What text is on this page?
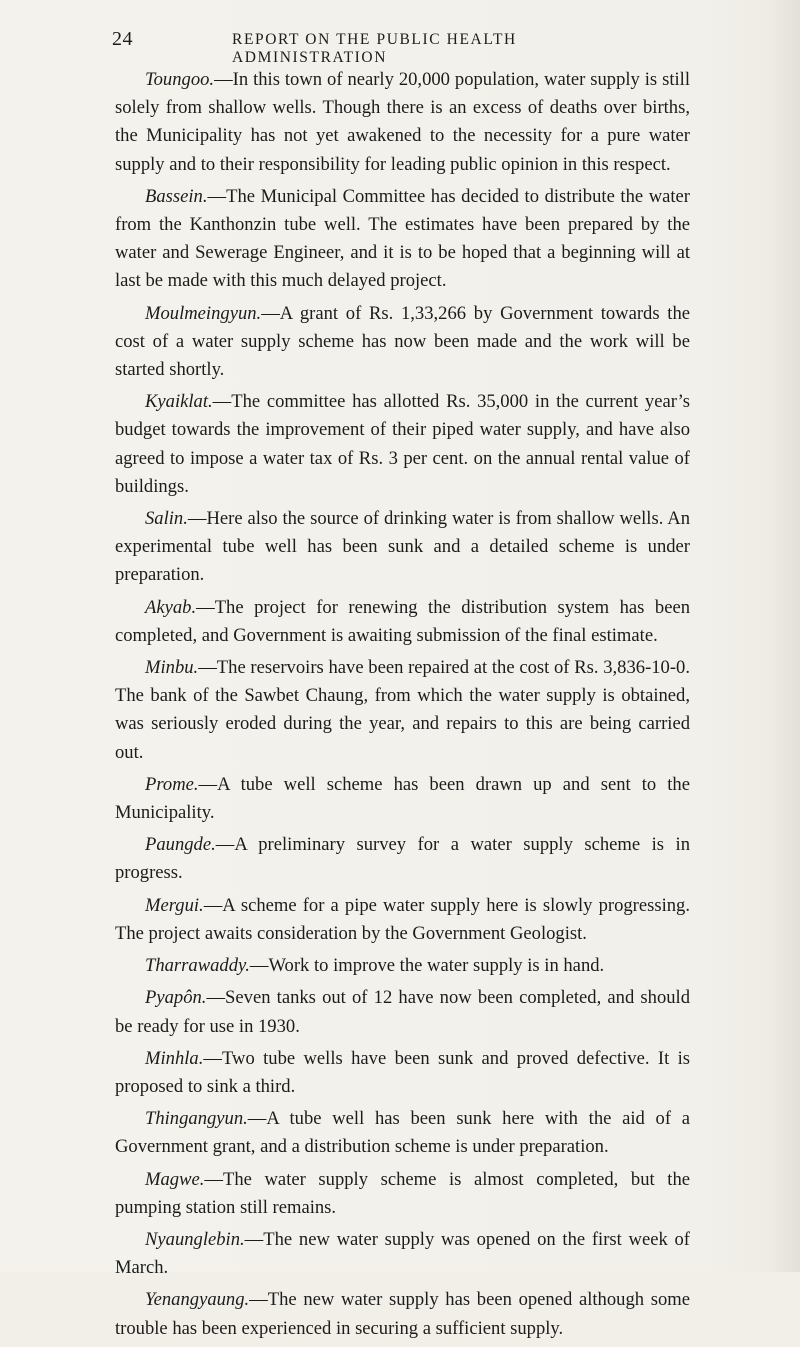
24	REPORT ON THE PUBLIC HEALTH ADMINISTRATION

Toungoo.—In this town of nearly 20,000 population, water supply is still solely from shallow wells. Though there is an excess of deaths over births, the Municipality has not yet awakened to the necessity for a pure water supply and to their responsibility for leading public opinion in this respect.

Bassein.—The Municipal Committee has decided to distribute the water from the Kanthonzin tube well. The estimates have been prepared by the water and Sewerage Engineer, and it is to be hoped that a beginning will at last be made with this much delayed project.

Moulmeingyun.—A grant of Rs. 1,33,266 by Government towards the cost of a water supply scheme has now been made and the work will be started shortly.

Kyaiklat.—The committee has allotted Rs. 35,000 in the current year’s budget towards the improvement of their piped water supply, and have also agreed to impose a water tax of Rs. 3 per cent. on the annual rental value of buildings.

Salin.—Here also the source of drinking water is from shallow wells. An experimental tube well has been sunk and a detailed scheme is under preparation.

Akyab.—The project for renewing the distribution system has been completed, and Government is awaiting submission of the final estimate.

Minbu.—The reservoirs have been repaired at the cost of Rs. 3,836-10-0. The bank of the Sawbet Chaung, from which the water supply is obtained, was seriously eroded during the year, and repairs to this are being carried out.

Prome.—A tube well scheme has been drawn up and sent to the Municipality.

Paungde.—A preliminary survey for a water supply scheme is in progress.

Mergui.—A scheme for a pipe water supply here is slowly progressing. The project awaits consideration by the Government Geologist.

Tharrawaddy.—Work to improve the water supply is in hand.

Pyapôn.—Seven tanks out of 12 have now been completed, and should be ready for use in 1930.

Minhla.—Two tube wells have been sunk and proved defective. It is proposed to sink a third.

Thingangyun.—A tube well has been sunk here with the aid of a Government grant, and a distribution scheme is under preparation.

Magwe.—The water supply scheme is almost completed, but the pumping station still remains.

Nyaunglebin.—The new water supply was opened on the first week of March.

Yenangyaung.—The new water supply has been opened although some trouble has been experienced in securing a sufficient supply.
